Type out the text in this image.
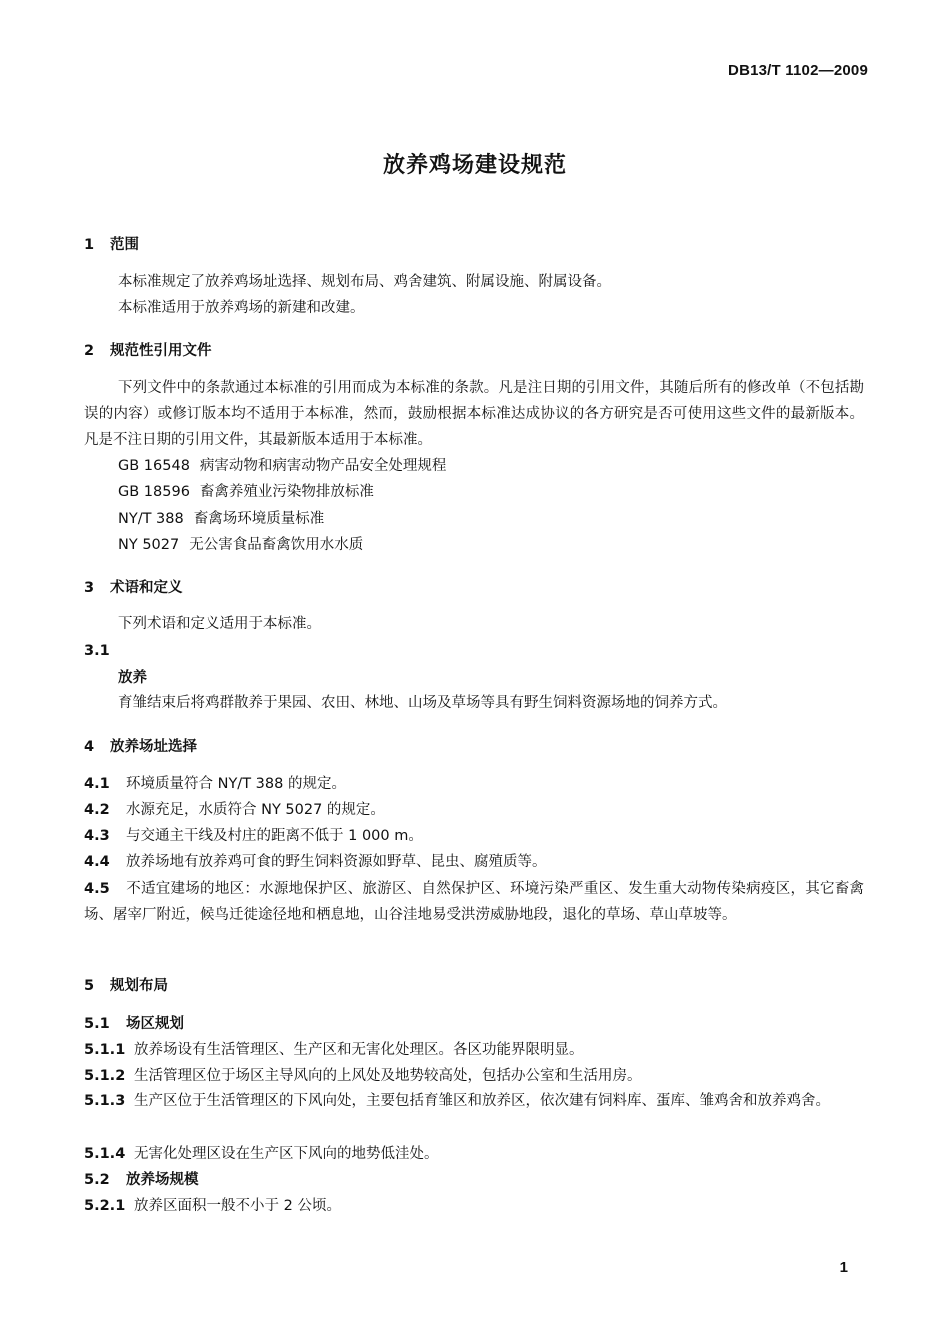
DB13/T 1102—2009
放养鸡场建设规范
1 范围
本标准规定了放养鸡场址选择、规划布局、鸡舍建筑、附属设施、附属设备。
本标准适用于放养鸡场的新建和改建。
2 规范性引用文件
下列文件中的条款通过本标准的引用而成为本标准的条款。凡是注日期的引用文件，其随后所有的修改单（不包括勘误的内容）或修订版本均不适用于本标准，然而，鼓励根据本标准达成协议的各方研究是否可使用这些文件的最新版本。凡是不注日期的引用文件，其最新版本适用于本标准。
GB 16548 病害动物和病害动物产品安全处理规程
GB 18596 畜禽养殖业污染物排放标准
NY/T 388 畜禽场环境质量标准
NY 5027 无公害食品畜禽饮用水水质
3 术语和定义
下列术语和定义适用于本标准。
3.1
放养
育雏结束后将鸡群散养于果园、农田、林地、山场及草场等具有野生饲料资源场地的饲养方式。
4 放养场址选择
4.1 环境质量符合 NY/T 388 的规定。
4.2 水源充足，水质符合 NY 5027 的规定。
4.3 与交通主干线及村庄的距离不低于 1 000 m。
4.4 放养场地有放养鸡可食的野生饲料资源如野草、昆虫、腐殖质等。
4.5 不适宜建场的地区：水源地保护区、旅游区、自然保护区、环境污染严重区、发生重大动物传染病疫区，其它畜禽场、屠宰厂附近，候鸟迁徙途径地和栖息地，山谷洼地易受洪涝威胁地段，退化的草场、草山草坡等。
5 规划布局
5.1 场区规划
5.1.1 放养场设有生活管理区、生产区和无害化处理区。各区功能界限明显。
5.1.2 生活管理区位于场区主导风向的上风处及地势较高处，包括办公室和生活用房。
5.1.3 生产区位于生活管理区的下风向处，主要包括育雏区和放养区，依次建有饲料库、蛋库、雏鸡舍和放养鸡舍。
5.1.4 无害化处理区设在生产区下风向的地势低洼处。
5.2 放养场规模
5.2.1 放养区面积一般不小于 2 公顷。
1
